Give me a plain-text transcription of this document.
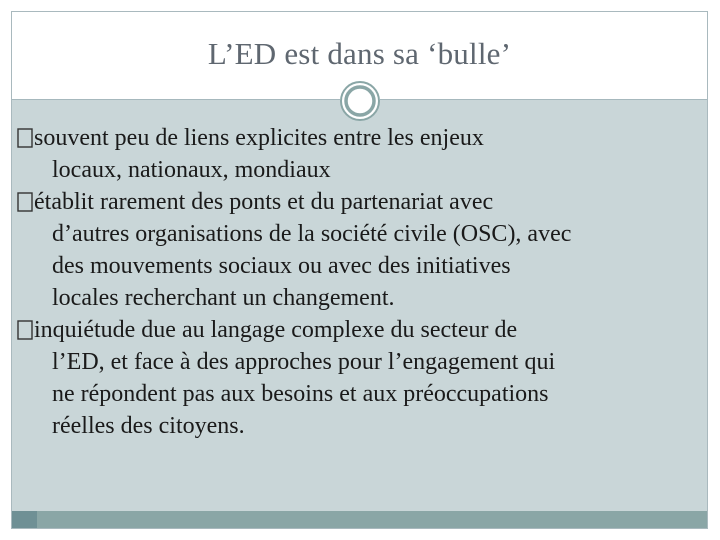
L’ED est dans sa ‘bulle’

souvent peu de liens explicites entre les enjeux
locaux, nationaux, mondiaux

établit rarement des ponts et du partenariat avec
d’autres organisations de la société civile (OSC), avec
des mouvements sociaux ou avec des initiatives
locales recherchant un changement.

inquiétude due au langage complexe du secteur de
l’ED, et face à des approches pour l’engagement qui
ne répondent pas aux besoins et aux préoccupations
réelles des citoyens.
